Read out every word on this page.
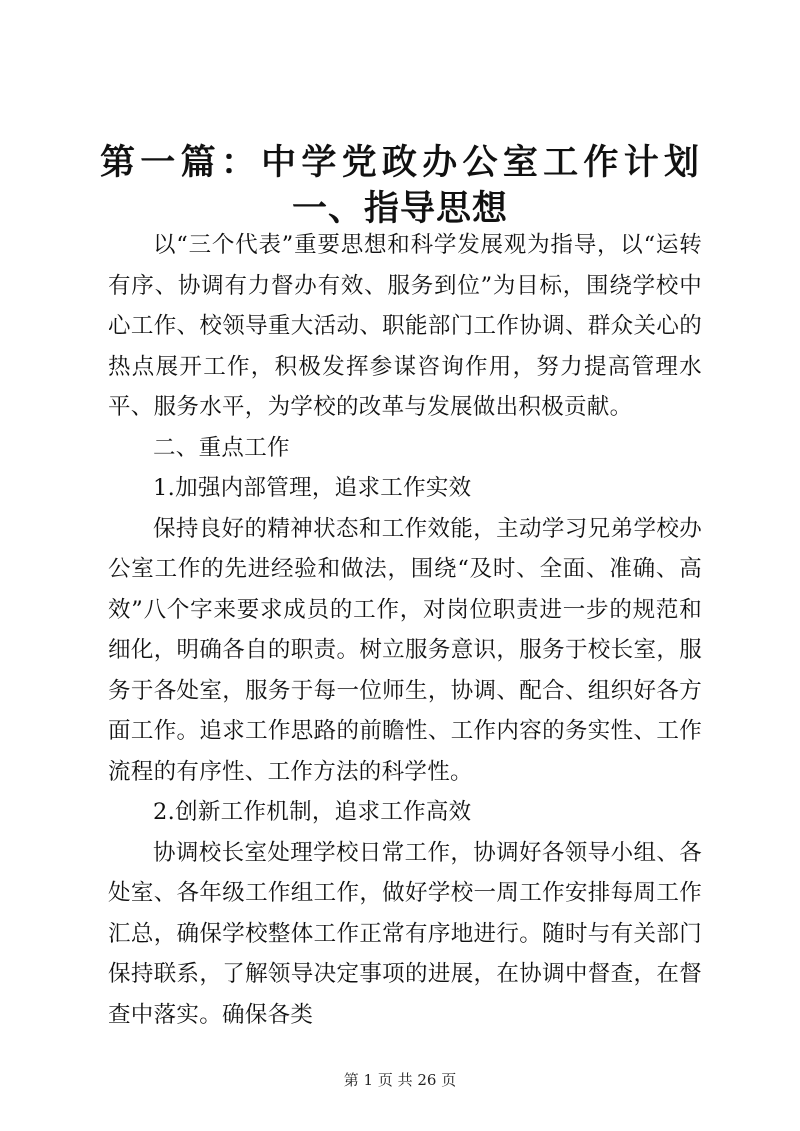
第一篇：中学党政办公室工作计划一、指导思想

以“三个代表”重要思想和科学发展观为指导，以“运转有序、协调有力督办有效、服务到位”为目标，围绕学校中心工作、校领导重大活动、职能部门工作协调、群众关心的热点展开工作，积极发挥参谋咨询作用，努力提高管理水平、服务水平，为学校的改革与发展做出积极贡献。

二、重点工作

1.加强内部管理，追求工作实效

保持良好的精神状态和工作效能，主动学习兄弟学校办公室工作的先进经验和做法，围绕“及时、全面、准确、高效”八个字来要求成员的工作，对岗位职责进一步的规范和细化，明确各自的职责。树立服务意识，服务于校长室，服务于各处室，服务于每一位师生，协调、配合、组织好各方面工作。追求工作思路的前瞻性、工作内容的务实性、工作流程的有序性、工作方法的科学性。

2.创新工作机制，追求工作高效

协调校长室处理学校日常工作，协调好各领导小组、各处室、各年级工作组工作，做好学校一周工作安排每周工作汇总，确保学校整体工作正常有序地进行。随时与有关部门保持联系，了解领导决定事项的进展，在协调中督查，在督查中落实。确保各类

第 1 页 共 26 页
